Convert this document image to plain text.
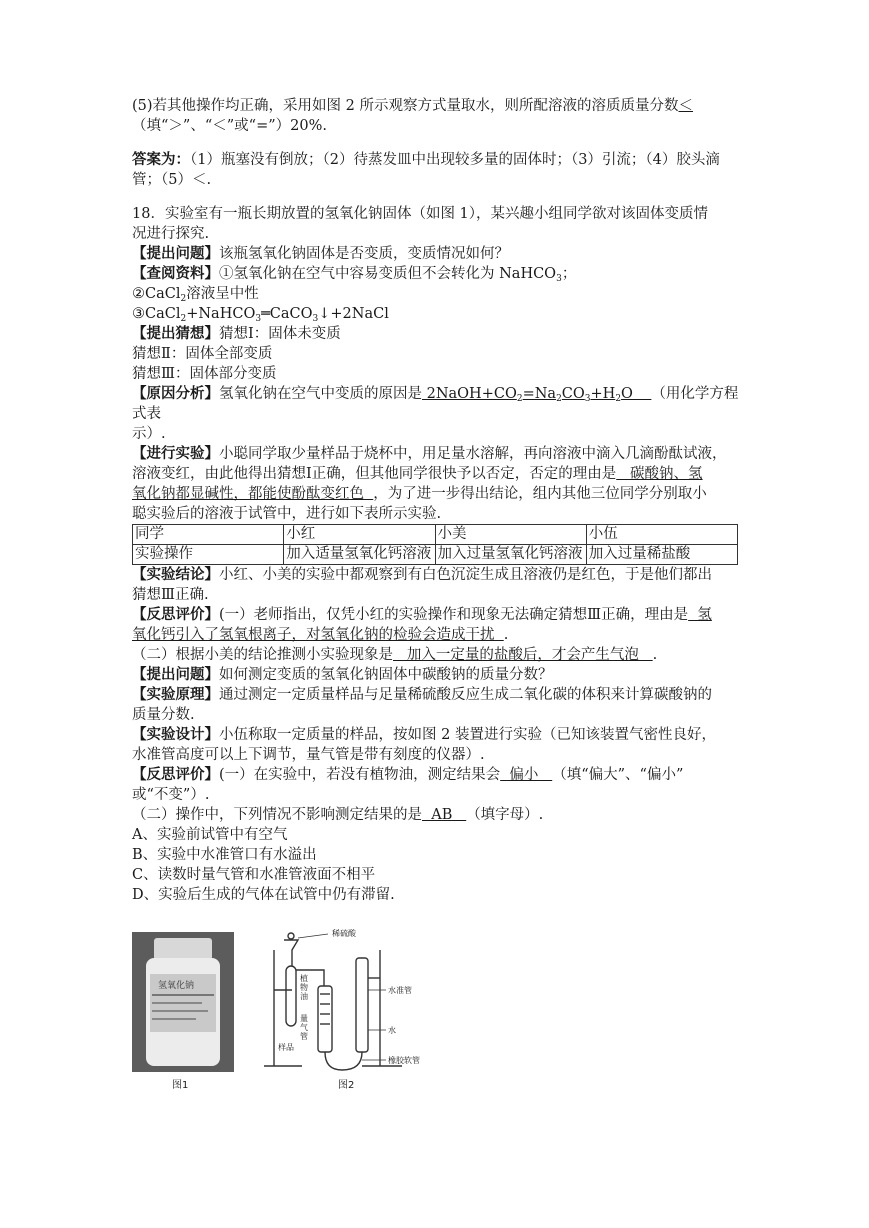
(5)若其他操作均正确，采用如图 2 所示观察方式量取水，则所配溶液的溶质质量分数＜

（填“＞”、“＜”或“=”）20%.

答案为：（1）瓶塞没有倒放；（2）待蒸发皿中出现较多量的固体时；（3）引流；（4）胶头滴

管；（5）＜.

18．实验室有一瓶长期放置的氢氧化钠固体（如图 1），某兴趣小组同学欲对该固体变质情

况进行探究.

【提出问题】该瓶氢氧化钠固体是否变质，变质情况如何？

【查阅资料】①氢氧化钠在空气中容易变质但不会转化为 NaHCO$_3$；

②CaCl$_2$溶液呈中性

③CaCl$_2$+NaHCO$_3$═CaCO$_3$↓+2NaCl

【提出猜想】猜想Ⅰ：固体未变质

猜想Ⅱ：固体全部变质

猜想Ⅲ：固体部分变质

【原因分析】氢氧化钠在空气中变质的原因是 $2NaOH+CO_2=Na_2CO_3+H_2O$    （用化学方程式表

示）.

【进行实验】小聪同学取少量样品于烧杯中，用足量水溶解，再向溶液中滴入几滴酚酞试液，

溶液变红，由此他得出猜想Ⅰ正确，但其他同学很快予以否定，否定的理由是   碳酸钠、氢

氧化钠都显碱性，都能使酚酞变红色  ，为了进一步得出结论，组内其他三位同学分别取小

聪实验后的溶液于试管中，进行如下表所示实验.

同学	小红	小美	小伍
实验操作	加入适量氢氧化钙溶液	加入过量氢氧化钙溶液	加入过量稀盐酸

【实验结论】小红、小美的实验中都观察到有白色沉淀生成且溶液仍是红色，于是他们都出

猜想Ⅲ正确.

【反思评价】(一）老师指出，仅凭小红的实验操作和现象无法确定猜想Ⅲ正确，理由是  氢

氧化钙引入了氢氧根离子，对氢氧化钠的检验会造成干扰  .

（二）根据小美的结论推测小实验现象是   加入一定量的盐酸后，才会产生气泡   .

【提出问题】如何测定变质的氢氧化钠固体中碳酸钠的质量分数？

【实验原理】通过测定一定质量样品与足量稀硫酸反应生成二氧化碳的体积来计算碳酸钠的

质量分数.

【实验设计】小伍称取一定质量的样品，按如图 2 装置进行实验（已知该装置气密性良好，

水准管高度可以上下调节，量气管是带有刻度的仪器）.

【反思评价】(一）在实验中，若没有植物油，测定结果会  偏小   （填“偏大”、“偏小”

或“不变”）.

（二）操作中，下列情况不影响测定结果的是  AB   （填字母）.

A、实验前试管中有空气

B、实验中水准管口有水溢出

C、读数时量气管和水准管液面不相平

D、实验后生成的气体在试管中仍有滞留.

氢氧化钠
图1
稀硫酸
植物油
量气管
样品
水准管
水
橡胶软管
图2
